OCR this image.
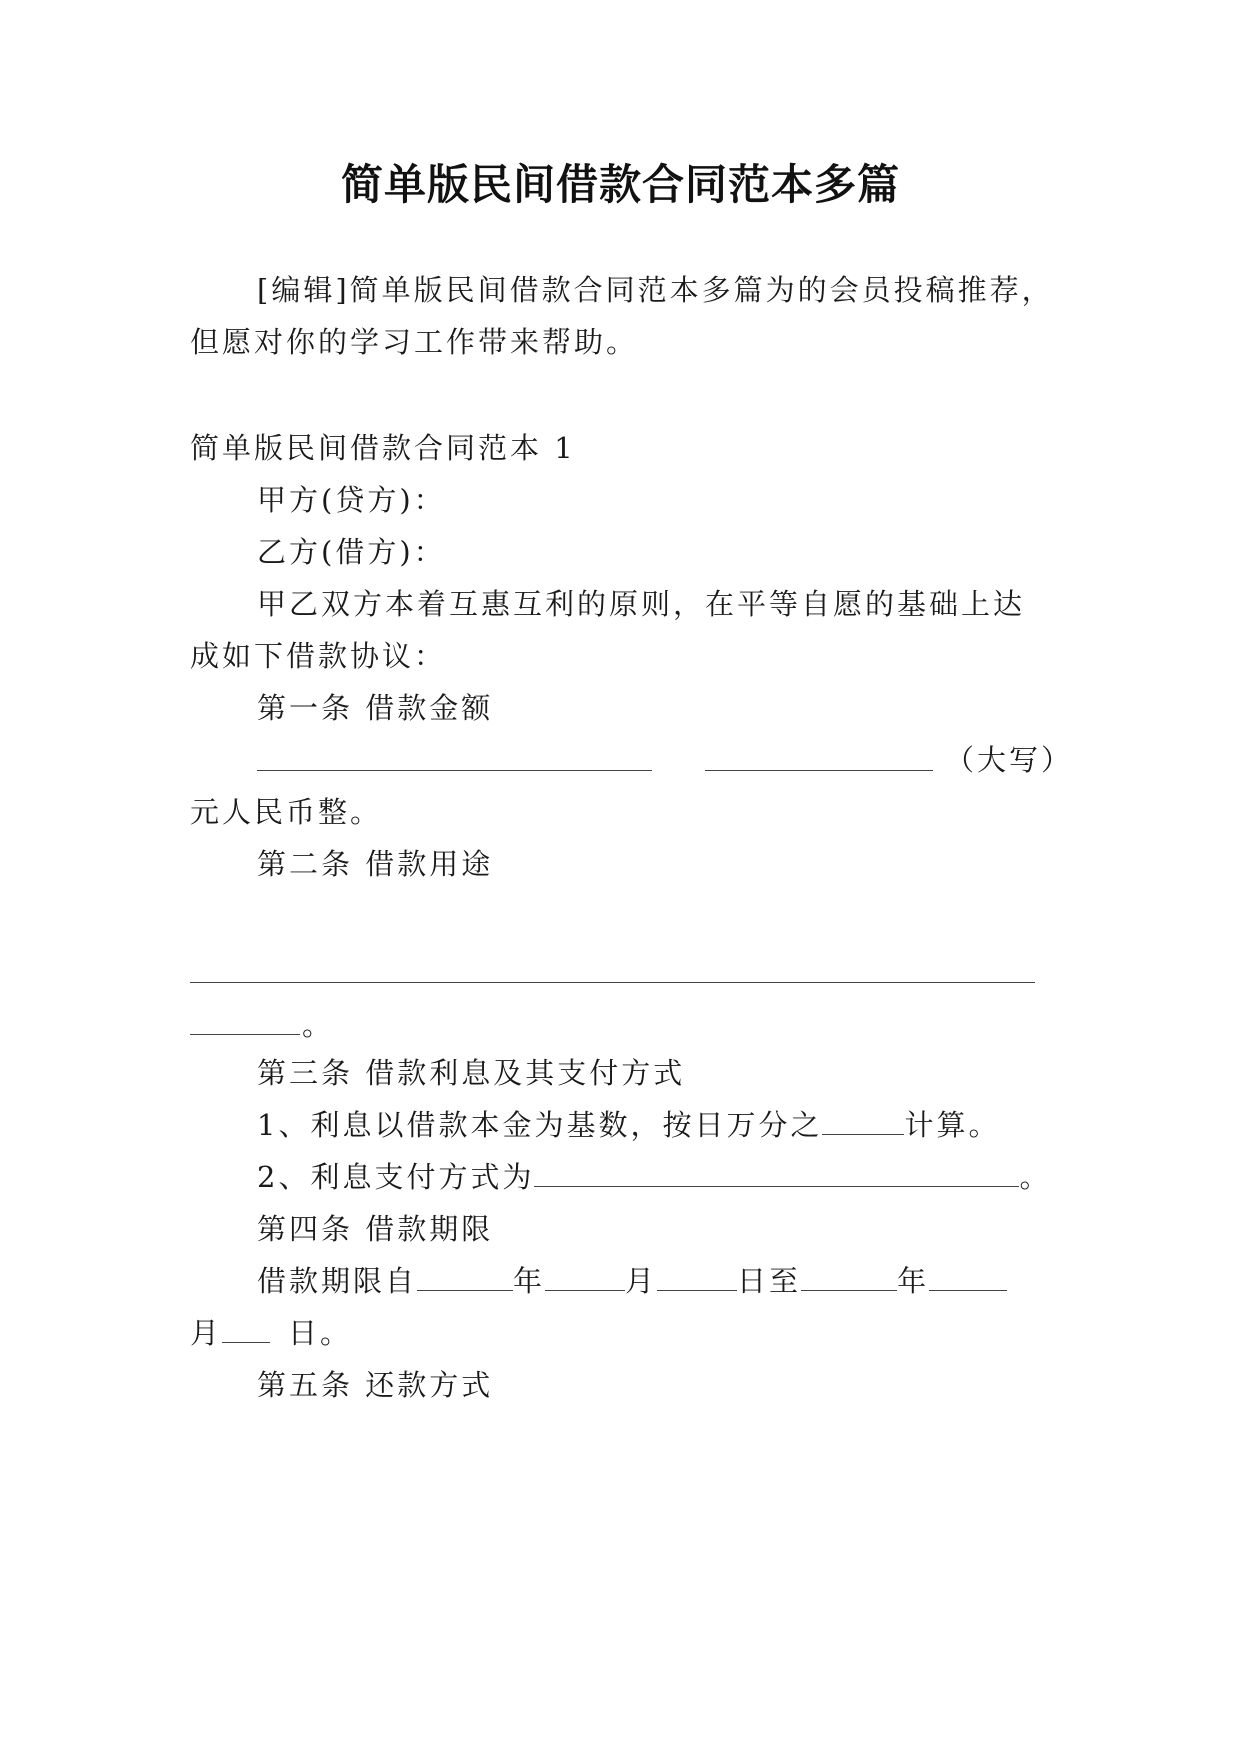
简单版民间借款合同范本多篇
[编辑]简单版民间借款合同范本多篇为的会员投稿推荐，
但愿对你的学习工作带来帮助。
简单版民间借款合同范本 1
甲方(贷方)：
乙方(借方)：
甲乙双方本着互惠互利的原则，在平等自愿的基础上达
成如下借款协议：
第一条 借款金额
（大写）
元人民币整。
第二条 借款用途
。
第三条 借款利息及其支付方式
1、利息以借款本金为基数，按日万分之	计算。
2、利息支付方式为	。
第四条 借款期限
借款期限自	年	月	日至	年
月 日。
第五条 还款方式
